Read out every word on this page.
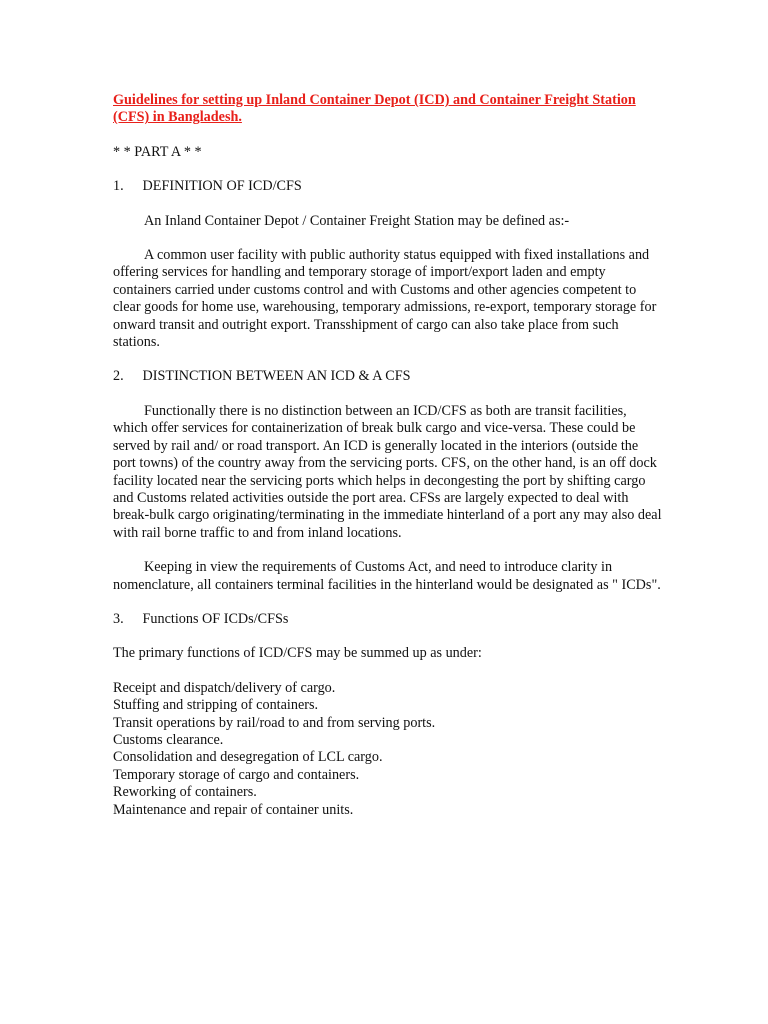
Guidelines for setting up Inland Container Depot (ICD) and Container Freight Station (CFS) in Bangladesh.

* * PART A * *
1. DEFINITION OF ICD/CFS
An Inland Container Depot / Container Freight Station may be defined as:-
A common user facility with public authority status equipped with fixed installations and offering services for handling and temporary storage of import/export laden and empty containers carried under customs control and with Customs and other agencies competent to clear goods for home use, warehousing, temporary admissions, re-export, temporary storage for onward transit and outright export. Transshipment of cargo can also take place from such stations.
2. DISTINCTION BETWEEN AN ICD & A CFS
Functionally there is no distinction between an ICD/CFS as both are transit facilities, which offer services for containerization of break bulk cargo and vice-versa. These could be served by rail and/ or road transport. An ICD is generally located in the interiors (outside the port towns) of the country away from the servicing ports. CFS, on the other hand, is an off dock facility located near the servicing ports which helps in decongesting the port by shifting cargo and Customs related activities outside the port area. CFSs are largely expected to deal with break-bulk cargo originating/terminating in the immediate hinterland of a port any may also deal with rail borne traffic to and from inland locations.
Keeping in view the requirements of Customs Act, and need to introduce clarity in nomenclature, all containers terminal facilities in the hinterland would be designated as " ICDs".
3. Functions OF ICDs/CFSs
The primary functions of ICD/CFS may be summed up as under:
Receipt and dispatch/delivery of cargo.
Stuffing and stripping of containers.
Transit operations by rail/road to and from serving ports.
Customs clearance.
Consolidation and desegregation of LCL cargo.
Temporary storage of cargo and containers.
Reworking of containers.
Maintenance and repair of container units.
